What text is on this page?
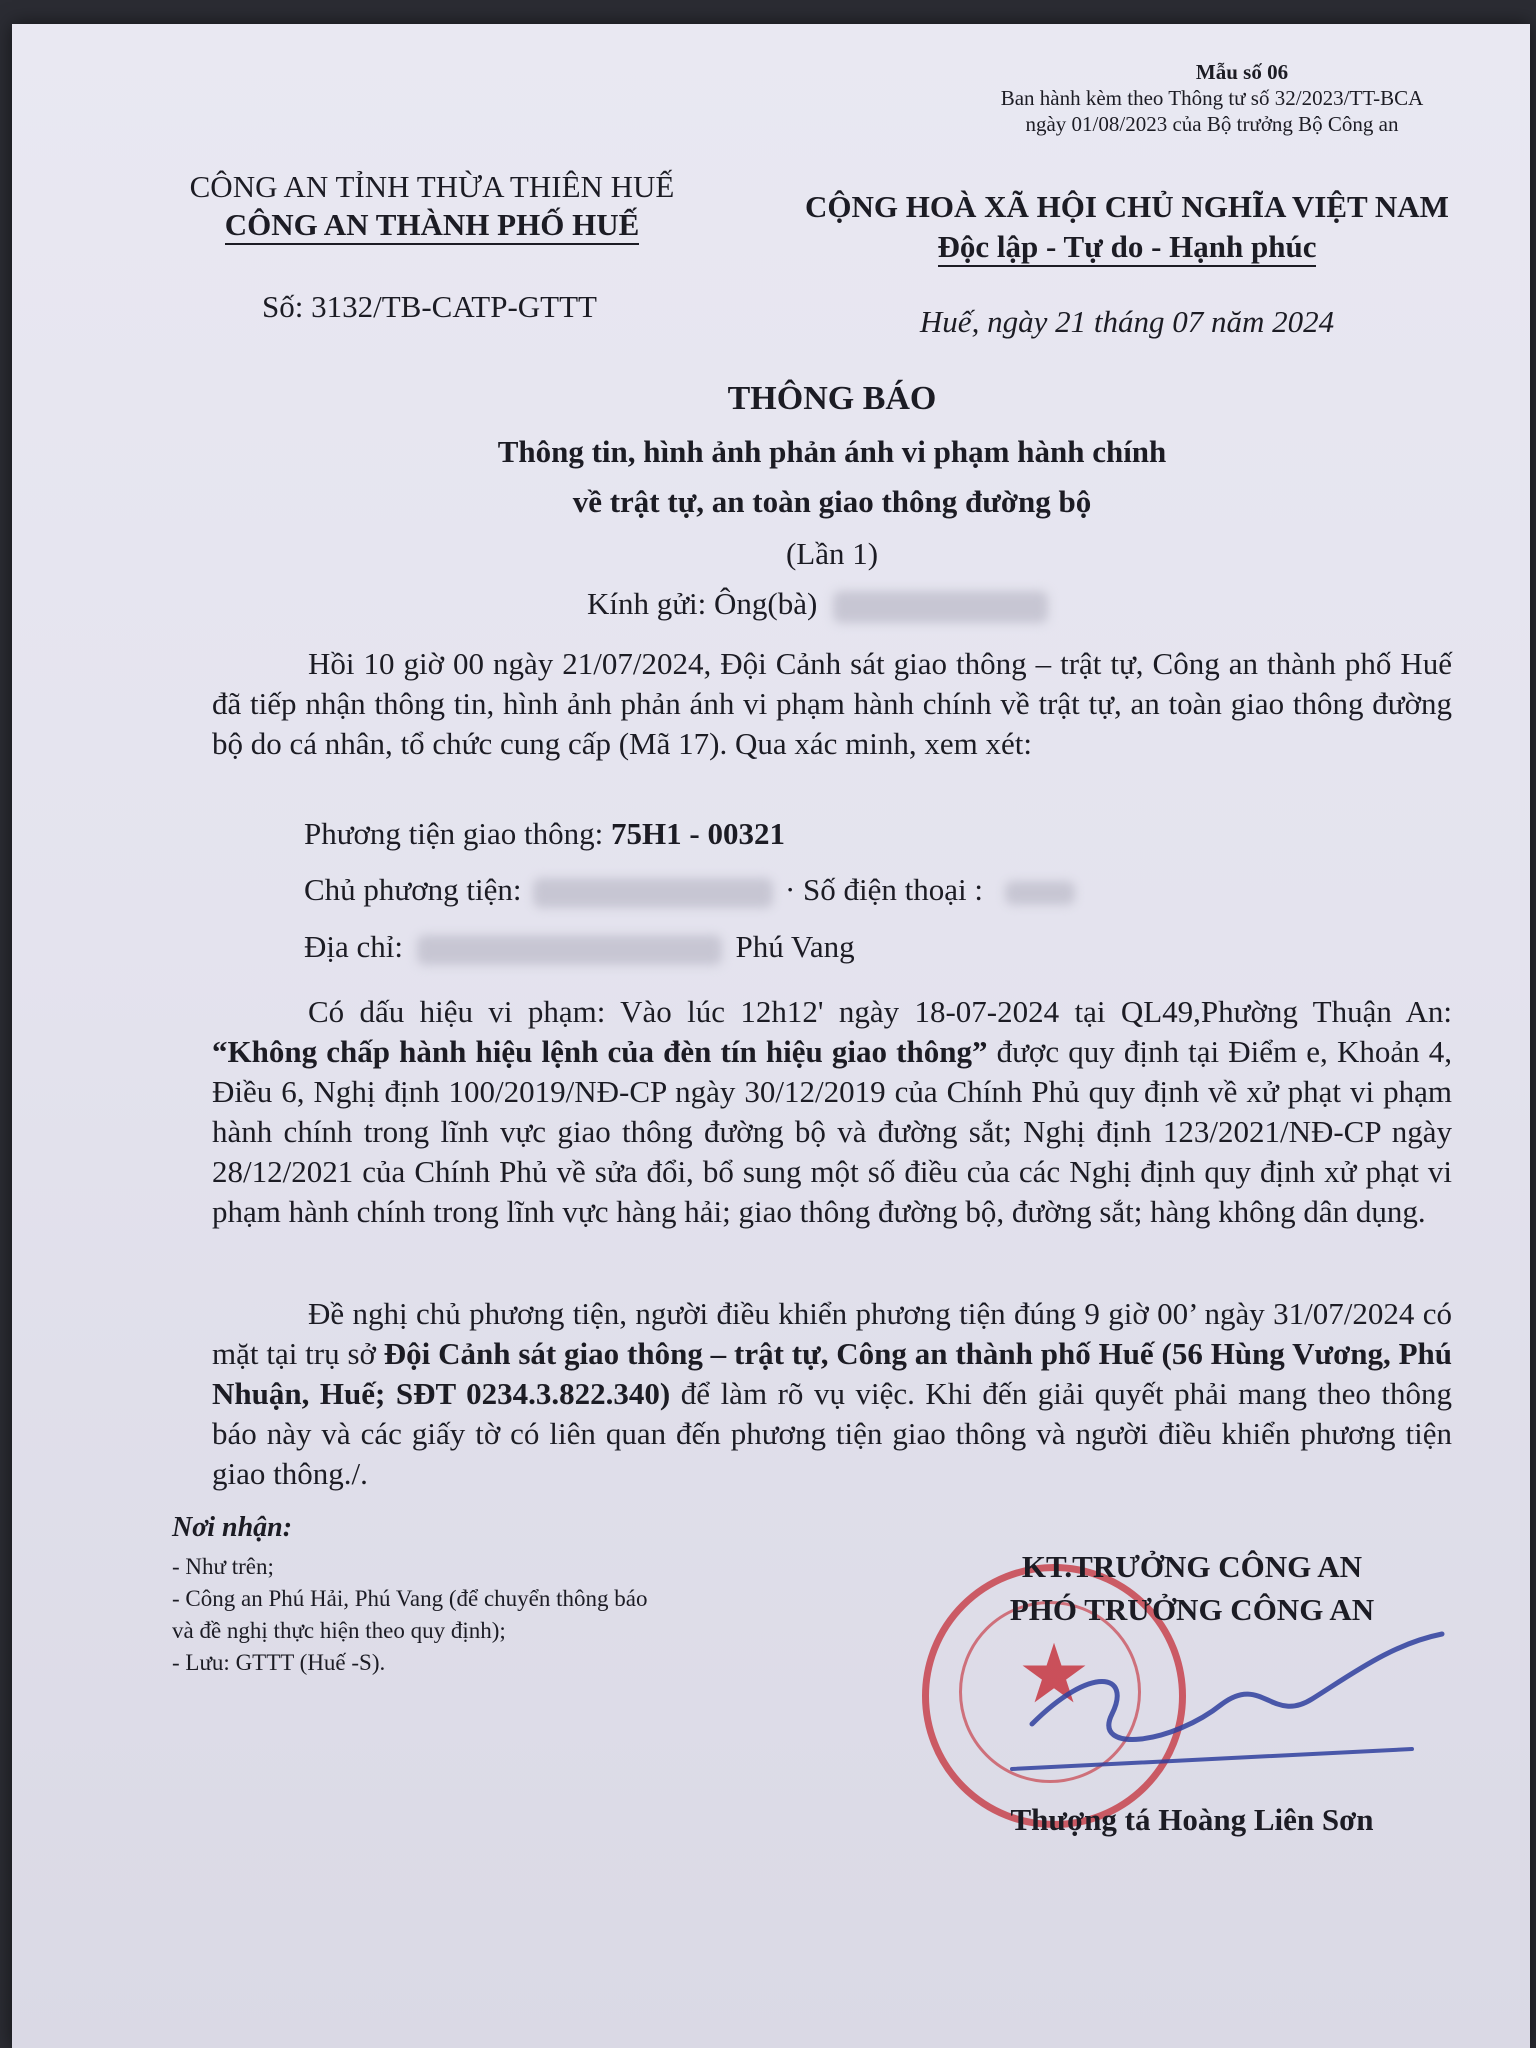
Mẫu số 06
Ban hành kèm theo Thông tư số 32/2023/TT-BCA
ngày 01/08/2023 của Bộ trưởng Bộ Công an
CÔNG AN TỈNH THỪA THIÊN HUẾ
CÔNG AN THÀNH PHỐ HUẾ
Số: 3132/TB-CATP-GTTT
CỘNG HOÀ XÃ HỘI CHỦ NGHĨA VIỆT NAM
Độc lập - Tự do - Hạnh phúc
Huế, ngày 21 tháng 07 năm 2024
THÔNG BÁO
Thông tin, hình ảnh phản ánh vi phạm hành chính
về trật tự, an toàn giao thông đường bộ
(Lần 1)
Kính gửi: Ông(bà)

Hồi 10 giờ 00 ngày 21/07/2024, Đội Cảnh sát giao thông – trật tự, Công an thành phố Huế đã tiếp nhận thông tin, hình ảnh phản ánh vi phạm hành chính về trật tự, an toàn giao thông đường bộ do cá nhân, tổ chức cung cấp (Mã 17). Qua xác minh, xem xét:

Phương tiện giao thông: 75H1 - 00321
Chủ phương tiện:	· Số điện thoại :
Địa chỉ:	Phú Vang

Có dấu hiệu vi phạm: Vào lúc 12h12' ngày 18-07-2024 tại QL49,Phường Thuận An: “Không chấp hành hiệu lệnh của đèn tín hiệu giao thông” được quy định tại Điểm e, Khoản 4, Điều 6, Nghị định 100/2019/NĐ-CP ngày 30/12/2019 của Chính Phủ quy định về xử phạt vi phạm hành chính trong lĩnh vực giao thông đường bộ và đường sắt; Nghị định 123/2021/NĐ-CP ngày 28/12/2021 của Chính Phủ về sửa đổi, bổ sung một số điều của các Nghị định quy định xử phạt vi phạm hành chính trong lĩnh vực hàng hải; giao thông đường bộ, đường sắt; hàng không dân dụng.

Đề nghị chủ phương tiện, người điều khiển phương tiện đúng 9 giờ 00’ ngày 31/07/2024 có mặt tại trụ sở Đội Cảnh sát giao thông – trật tự, Công an thành phố Huế (56 Hùng Vương, Phú Nhuận, Huế; SĐT 0234.3.822.340) để làm rõ vụ việc. Khi đến giải quyết phải mang theo thông báo này và các giấy tờ có liên quan đến phương tiện giao thông và người điều khiển phương tiện giao thông./.

Nơi nhận:
- Như trên;
- Công an Phú Hải, Phú Vang (để chuyển thông báo
và đề nghị thực hiện theo quy định);
- Lưu: GTTT (Huế -S).	★
KT.TRƯỞNG CÔNG AN
PHÓ TRƯỞNG CÔNG AN
Thượng tá Hoàng Liên Sơn
